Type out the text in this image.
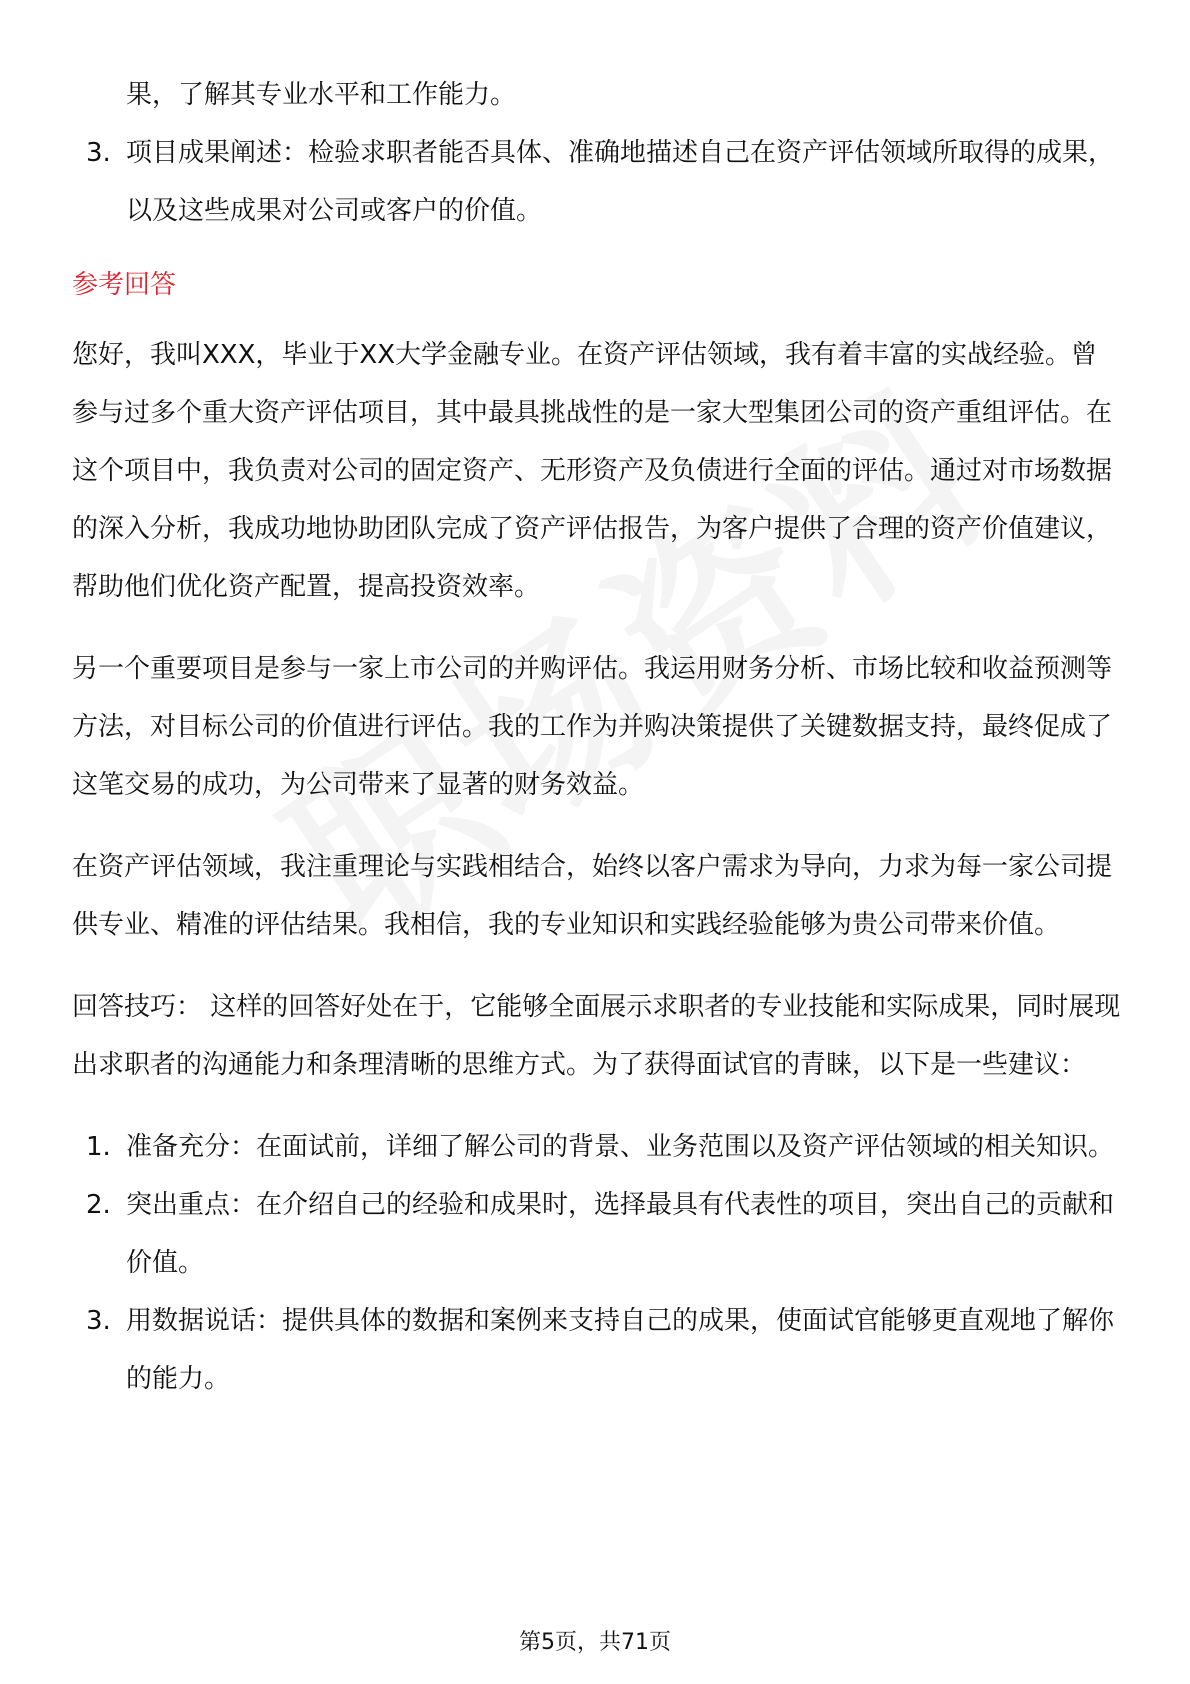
果，了解其专业水平和工作能力。
3. 项目成果阐述：检验求职者能否具体、准确地描述自己在资产评估领域所取得的成果，以及这些成果对公司或客户的价值。
参考回答

您好，我叫XXX，毕业于XX大学金融专业。在资产评估领域，我有着丰富的实战经验。曾参与过多个重大资产评估项目，其中最具挑战性的是一家大型集团公司的资产重组评估。在这个项目中，我负责对公司的固定资产、无形资产及负债进行全面的评估。通过对市场数据的深入分析，我成功地协助团队完成了资产评估报告，为客户提供了合理的资产价值建议，帮助他们优化资产配置，提高投资效率。

另一个重要项目是参与一家上市公司的并购评估。我运用财务分析、市场比较和收益预测等方法，对目标公司的价值进行评估。我的工作为并购决策提供了关键数据支持，最终促成了这笔交易的成功，为公司带来了显著的财务效益。

在资产评估领域，我注重理论与实践相结合，始终以客户需求为导向，力求为每一家公司提供专业、精准的评估结果。我相信，我的专业知识和实践经验能够为贵公司带来价值。

回答技巧： 这样的回答好处在于，它能够全面展示求职者的专业技能和实际成果，同时展现出求职者的沟通能力和条理清晰的思维方式。为了获得面试官的青睐，以下是一些建议：

1. 准备充分：在面试前，详细了解公司的背景、业务范围以及资产评估领域的相关知识。
2. 突出重点：在介绍自己的经验和成果时，选择最具有代表性的项目，突出自己的贡献和价值。
3. 用数据说话：提供具体的数据和案例来支持自己的成果，使面试官能够更直观地了解你的能力。
第5页，共71页
